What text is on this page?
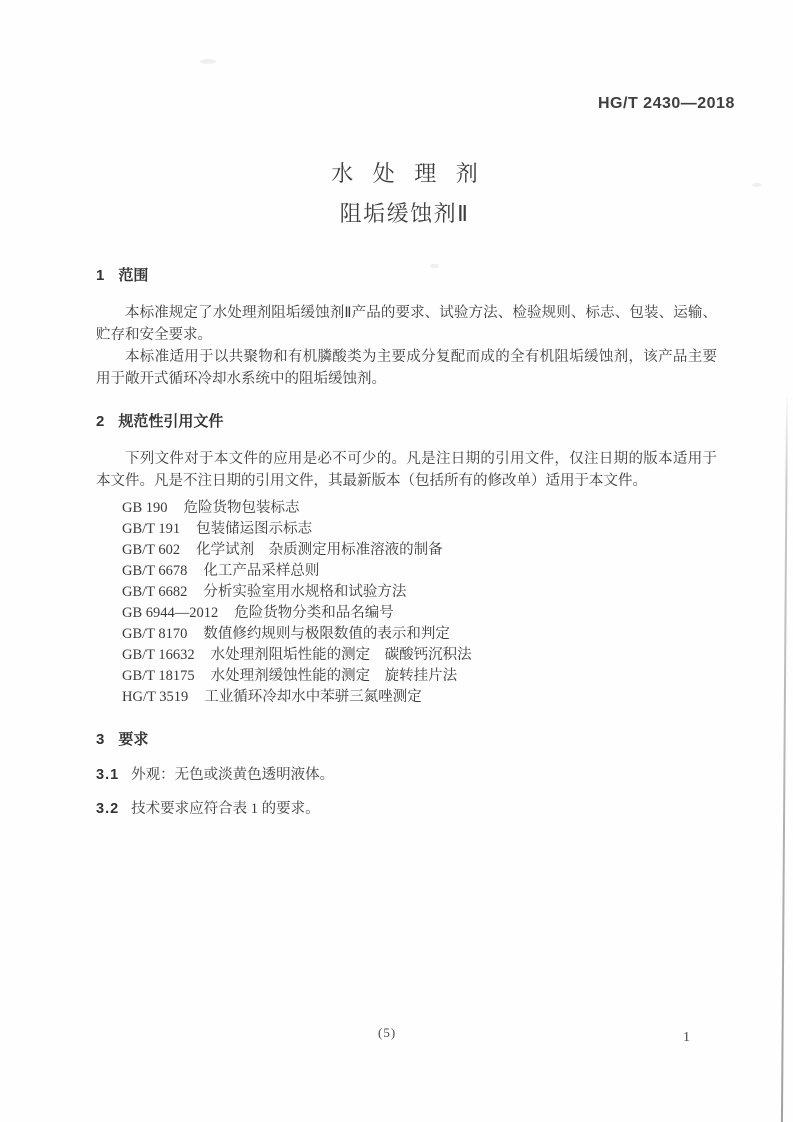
HG/T 2430—2018
水 处 理 剂
阻垢缓蚀剂Ⅱ
1 范围

本标准规定了水处理剂阻垢缓蚀剂Ⅱ产品的要求、试验方法、检验规则、标志、包装、运输、贮存和安全要求。

本标准适用于以共聚物和有机膦酸类为主要成分复配而成的全有机阻垢缓蚀剂，该产品主要用于敞开式循环冷却水系统中的阻垢缓蚀剂。

2 规范性引用文件

下列文件对于本文件的应用是必不可少的。凡是注日期的引用文件，仅注日期的版本适用于本文件。凡是不注日期的引用文件，其最新版本（包括所有的修改单）适用于本文件。

GB 190 危险货物包装标志
GB/T 191 包装储运图示标志
GB/T 602 化学试剂　杂质测定用标准溶液的制备
GB/T 6678 化工产品采样总则
GB/T 6682 分析实验室用水规格和试验方法
GB 6944—2012 危险货物分类和品名编号
GB/T 8170 数值修约规则与极限数值的表示和判定
GB/T 16632 水处理剂阻垢性能的测定　碳酸钙沉积法
GB/T 18175 水处理剂缓蚀性能的测定　旋转挂片法
HG/T 3519 工业循环冷却水中苯骈三氮唑测定
3 要求
3.1 外观：无色或淡黄色透明液体。
3.2 技术要求应符合表 1 的要求。
(5)	1
